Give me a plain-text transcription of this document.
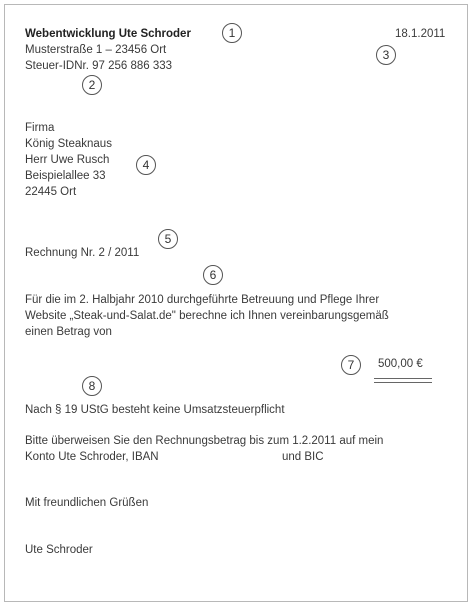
Webentwicklung Ute Schroder
Musterstraße 1 – 23456 Ort
Steuer-IDNr. 97 256 886 333
18.1.2011
Firma
König Steaknaus
Herr Uwe Rusch
Beispielallee 33
22445 Ort
Rechnung Nr. 2 / 2011
Für die im 2. Halbjahr 2010 durchgeführte Betreuung und Pflege Ihrer
Website „Steak-und-Salat.de" berechne ich Ihnen vereinbarungsgemäß
einen Betrag von
500,00 €
Nach § 19 UStG besteht keine Umsatzsteuerpflicht
Bitte überweisen Sie den Rechnungsbetrag bis zum 1.2.2011 auf mein
Konto Ute Schroder, IBAN	und BIC
Mit freundlichen Grüßen
Ute Schroder
1
2
3
4
5
6
7
8
